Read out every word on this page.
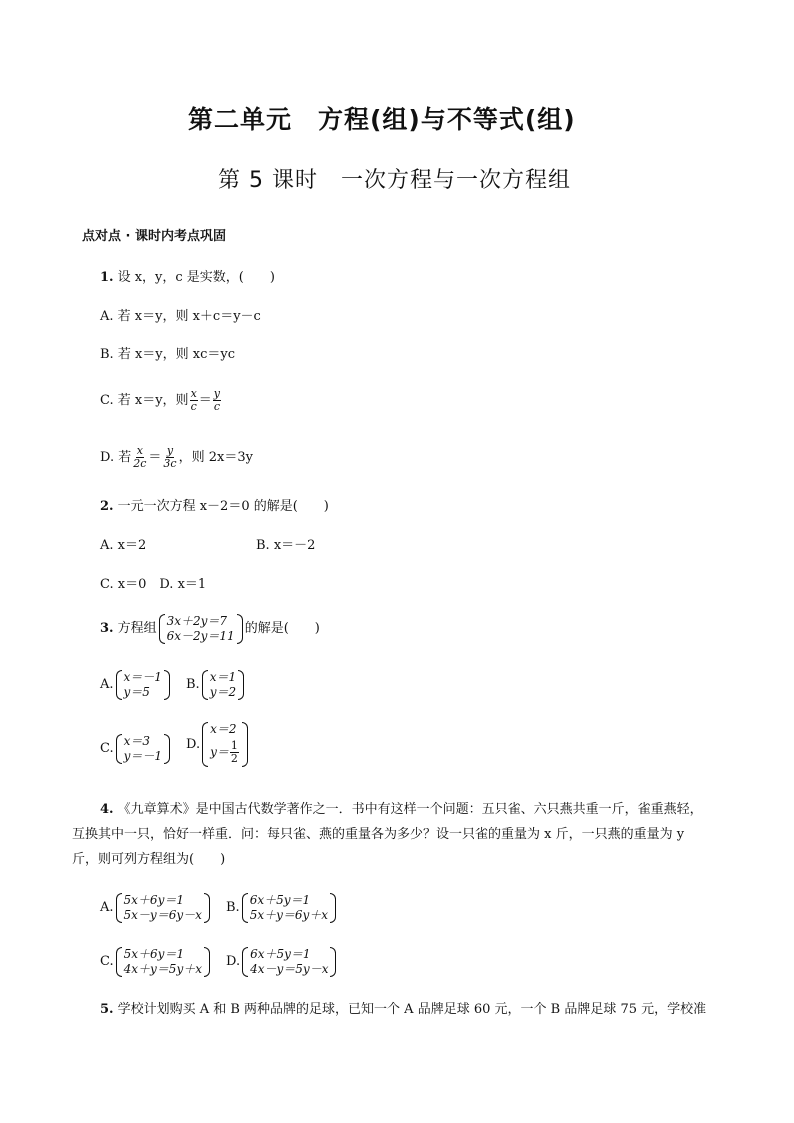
第二单元　方程(组)与不等式(组)
第 5 课时　一次方程与一次方程组
点对点 · 课时内考点巩固
1. 设 x，y，c 是实数，(　　)
A. 若 x＝y，则 x＋c＝y－c
B. 若 x＝y，则 xc＝yc
C. 若 x＝y，则 $\frac{x}{c} = \frac{y}{c}$
D. 若 $\frac{x}{2c} = \frac{y}{3c}$ ，则 2x＝3y
2. 一元一次方程 x－2＝0 的解是(　　)
A. x＝2	B. x＝－2
C. x＝0　D. x＝1
3. 方程组 3x＋2y＝7
6x－2y＝11 的解是(　　)
A. x＝－1
y＝5	B. x＝1
y＝2
C. x＝3
y＝－1
D.
x＝2
$y= \frac{1}{2}$
4. 《九章算术》是中国古代数学著作之一．书中有这样一个问题：五只雀、六只燕共重一斤，雀重燕轻，
互换其中一只，恰好一样重．问：每只雀、燕的重量各为多少？设一只雀的重量为 x 斤，一只燕的重量为 y
斤，则可列方程组为(　　)
A. 5x＋6y＝1
5x－y＝6y－x B. 6x＋5y＝1
5x＋y＝6y＋x
C. 5x＋6y＝1
4x＋y＝5y＋x D. 6x＋5y＝1
4x－y＝5y－x
5. 学校计划购买 A 和 B 两种品牌的足球，已知一个 A 品牌足球 60 元，一个 B 品牌足球 75 元，学校准
